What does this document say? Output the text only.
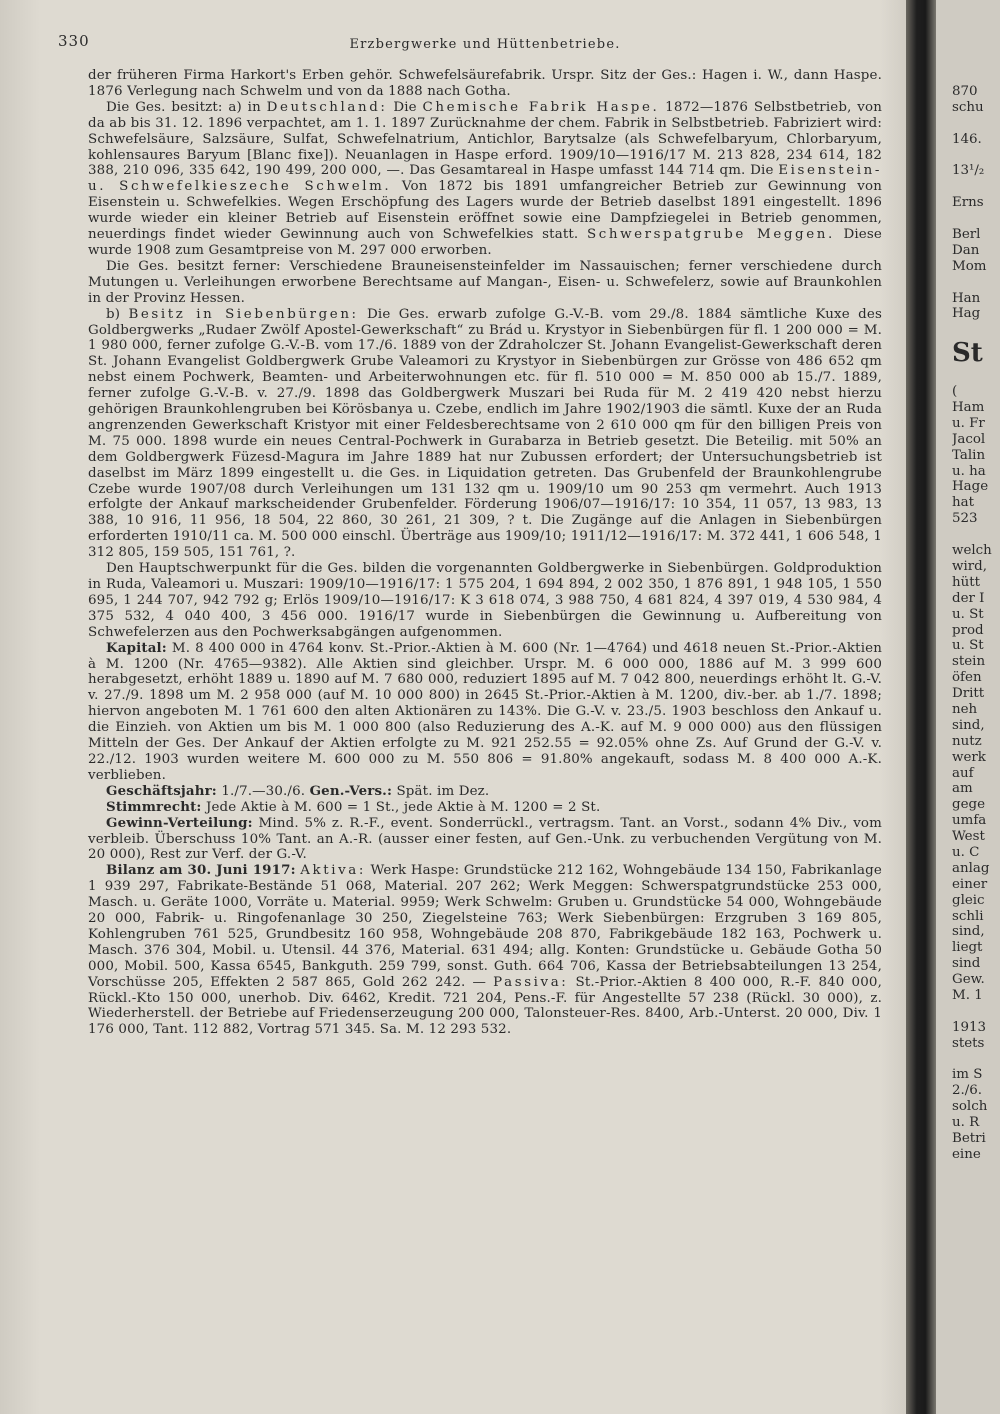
330	Erzbergwerke und Hüttenbetriebe.

der früheren Firma Harkort's Erben gehör. Schwefelsäurefabrik. Urspr. Sitz der Ges.: Hagen i. W., dann Haspe. 1876 Verlegung nach Schwelm und von da 1888 nach Gotha.

Die Ges. besitzt: a) in Deutschland: Die Chemische Fabrik Haspe. 1872—1876 Selbstbetrieb, von da ab bis 31. 12. 1896 verpachtet, am 1. 1. 1897 Zurücknahme der chem. Fabrik in Selbstbetrieb. Fabriziert wird: Schwefelsäure, Salzsäure, Sulfat, Schwefelnatrium, Antichlor, Barytsalze (als Schwefelbaryum, Chlorbaryum, kohlensaures Baryum [Blanc fixe]). Neuanlagen in Haspe erford. 1909/10—1916/17 M. 213 828, 234 614, 182 388, 210 096, 335 642, 190 499, 200 000, —. Das Gesamtareal in Haspe umfasst 144 714 qm. Die Eisenstein- u. Schwefelkieszeche Schwelm. Von 1872 bis 1891 umfangreicher Betrieb zur Gewinnung von Eisenstein u. Schwefelkies. Wegen Erschöpfung des Lagers wurde der Betrieb daselbst 1891 eingestellt. 1896 wurde wieder ein kleiner Betrieb auf Eisenstein eröffnet sowie eine Dampfziegelei in Betrieb genommen, neuerdings findet wieder Gewinnung auch von Schwefelkies statt. Schwerspatgrube Meggen. Diese wurde 1908 zum Gesamtpreise von M. 297 000 erworben.

Die Ges. besitzt ferner: Verschiedene Brauneisensteinfelder im Nassauischen; ferner verschiedene durch Mutungen u. Verleihungen erworbene Berechtsame auf Mangan-, Eisen- u. Schwefelerz, sowie auf Braunkohlen in der Provinz Hessen.

b) Besitz in Siebenbürgen: Die Ges. erwarb zufolge G.-V.-B. vom 29./8. 1884 sämtliche Kuxe des Goldbergwerks „Rudaer Zwölf Apostel-Gewerkschaft“ zu Brád u. Krystyor in Siebenbürgen für fl. 1 200 000 = M. 1 980 000, ferner zufolge G.-V.-B. vom 17./6. 1889 von der Zdraholczer St. Johann Evangelist-Gewerkschaft deren St. Johann Evangelist Goldbergwerk Grube Valeamori zu Krystyor in Siebenbürgen zur Grösse von 486 652 qm nebst einem Pochwerk, Beamten- und Arbeiterwohnungen etc. für fl. 510 000 = M. 850 000 ab 15./7. 1889, ferner zufolge G.-V.-B. v. 27./9. 1898 das Goldbergwerk Muszari bei Ruda für M. 2 419 420 nebst hierzu gehörigen Braunkohlengruben bei Körösbanya u. Czebe, endlich im Jahre 1902/1903 die sämtl. Kuxe der an Ruda angrenzenden Gewerkschaft Kristyor mit einer Feldesberechtsame von 2 610 000 qm für den billigen Preis von M. 75 000. 1898 wurde ein neues Central-Pochwerk in Gurabarza in Betrieb gesetzt. Die Beteilig. mit 50% an dem Goldbergwerk Füzesd-Magura im Jahre 1889 hat nur Zubussen erfordert; der Untersuchungsbetrieb ist daselbst im März 1899 eingestellt u. die Ges. in Liquidation getreten. Das Grubenfeld der Braunkohlengrube Czebe wurde 1907/08 durch Verleihungen um 131 132 qm u. 1909/10 um 90 253 qm vermehrt. Auch 1913 erfolgte der Ankauf markscheidender Grubenfelder. Förderung 1906/07—1916/17: 10 354, 11 057, 13 983, 13 388, 10 916, 11 956, 18 504, 22 860, 30 261, 21 309, ? t. Die Zugänge auf die Anlagen in Siebenbürgen erforderten 1910/11 ca. M. 500 000 einschl. Überträge aus 1909/10; 1911/12—1916/17: M. 372 441, 1 606 548, 1 312 805, 159 505, 151 761, ?.

Den Hauptschwerpunkt für die Ges. bilden die vorgenannten Goldbergwerke in Siebenbürgen. Goldproduktion in Ruda, Valeamori u. Muszari: 1909/10—1916/17: 1 575 204, 1 694 894, 2 002 350, 1 876 891, 1 948 105, 1 550 695, 1 244 707, 942 792 g; Erlös 1909/10—1916/17: K 3 618 074, 3 988 750, 4 681 824, 4 397 019, 4 530 984, 4 375 532, 4 040 400, 3 456 000. 1916/17 wurde in Siebenbürgen die Gewinnung u. Aufbereitung von Schwefelerzen aus den Pochwerksabgängen aufgenommen.

Kapital: M. 8 400 000 in 4764 konv. St.-Prior.-Aktien à M. 600 (Nr. 1—4764) und 4618 neuen St.-Prior.-Aktien à M. 1200 (Nr. 4765—9382). Alle Aktien sind gleichber. Urspr. M. 6 000 000, 1886 auf M. 3 999 600 herabgesetzt, erhöht 1889 u. 1890 auf M. 7 680 000, reduziert 1895 auf M. 7 042 800, neuerdings erhöht lt. G.-V. v. 27./9. 1898 um M. 2 958 000 (auf M. 10 000 800) in 2645 St.-Prior.-Aktien à M. 1200, div.-ber. ab 1./7. 1898; hiervon angeboten M. 1 761 600 den alten Aktionären zu 143%. Die G.-V. v. 23./5. 1903 beschloss den Ankauf u. die Einzieh. von Aktien um bis M. 1 000 800 (also Reduzierung des A.-K. auf M. 9 000 000) aus den flüssigen Mitteln der Ges. Der Ankauf der Aktien erfolgte zu M. 921 252.55 = 92.05% ohne Zs. Auf Grund der G.-V. v. 22./12. 1903 wurden weitere M. 600 000 zu M. 550 806 = 91.80% angekauft, sodass M. 8 400 000 A.-K. verblieben.

Geschäftsjahr: 1./7.—30./6. Gen.-Vers.: Spät. im Dez.

Stimmrecht: Jede Aktie à M. 600 = 1 St., jede Aktie à M. 1200 = 2 St.

Gewinn-Verteilung: Mind. 5% z. R.-F., event. Sonderrückl., vertragsm. Tant. an Vorst., sodann 4% Div., vom verbleib. Überschuss 10% Tant. an A.-R. (ausser einer festen, auf Gen.-Unk. zu verbuchenden Vergütung von M. 20 000), Rest zur Verf. der G.-V.

Bilanz am 30. Juni 1917: Aktiva: Werk Haspe: Grundstücke 212 162, Wohngebäude 134 150, Fabrikanlage 1 939 297, Fabrikate-Bestände 51 068, Material. 207 262; Werk Meggen: Schwerspatgrundstücke 253 000, Masch. u. Geräte 1000, Vorräte u. Material. 9959; Werk Schwelm: Gruben u. Grundstücke 54 000, Wohngebäude 20 000, Fabrik- u. Ringofenanlage 30 250, Ziegelsteine 763; Werk Siebenbürgen: Erzgruben 3 169 805, Kohlengruben 761 525, Grundbesitz 160 958, Wohngebäude 208 870, Fabrikgebäude 182 163, Pochwerk u. Masch. 376 304, Mobil. u. Utensil. 44 376, Material. 631 494; allg. Konten: Grundstücke u. Gebäude Gotha 50 000, Mobil. 500, Kassa 6545, Bankguth. 259 799, sonst. Guth. 664 706, Kassa der Betriebsabteilungen 13 254, Vorschüsse 205, Effekten 2 587 865, Gold 262 242. — Passiva: St.-Prior.-Aktien 8 400 000, R.-F. 840 000, Rückl.-Kto 150 000, unerhob. Div. 6462, Kredit. 721 204, Pens.-F. für Angestellte 57 238 (Rückl. 30 000), z. Wiederherstell. der Betriebe auf Friedenserzeugung 200 000, Talonsteuer-Res. 8400, Arb.-Unterst. 20 000, Div. 1 176 000, Tant. 112 882, Vortrag 571 345. Sa. M. 12 293 532.

870
schu
146.
13¹/₂
Erns
Berl
Dan
Mom
Han
Hag
St
(
Ham
u. Fr
Jacol
Talin
u. ha
Hage
hat
523
welch
wird,
hütt
der I
u. St
prod
u. St
stein
öfen
Dritt
neh
sind,
nutz
werk
auf
am
gege
umfa
West
u. C
anlag
einer
gleic
schli
sind,
liegt
sind
Gew.
M. 1
1913
stets
im S
2./6.
solch
u. R
Betri
eine
